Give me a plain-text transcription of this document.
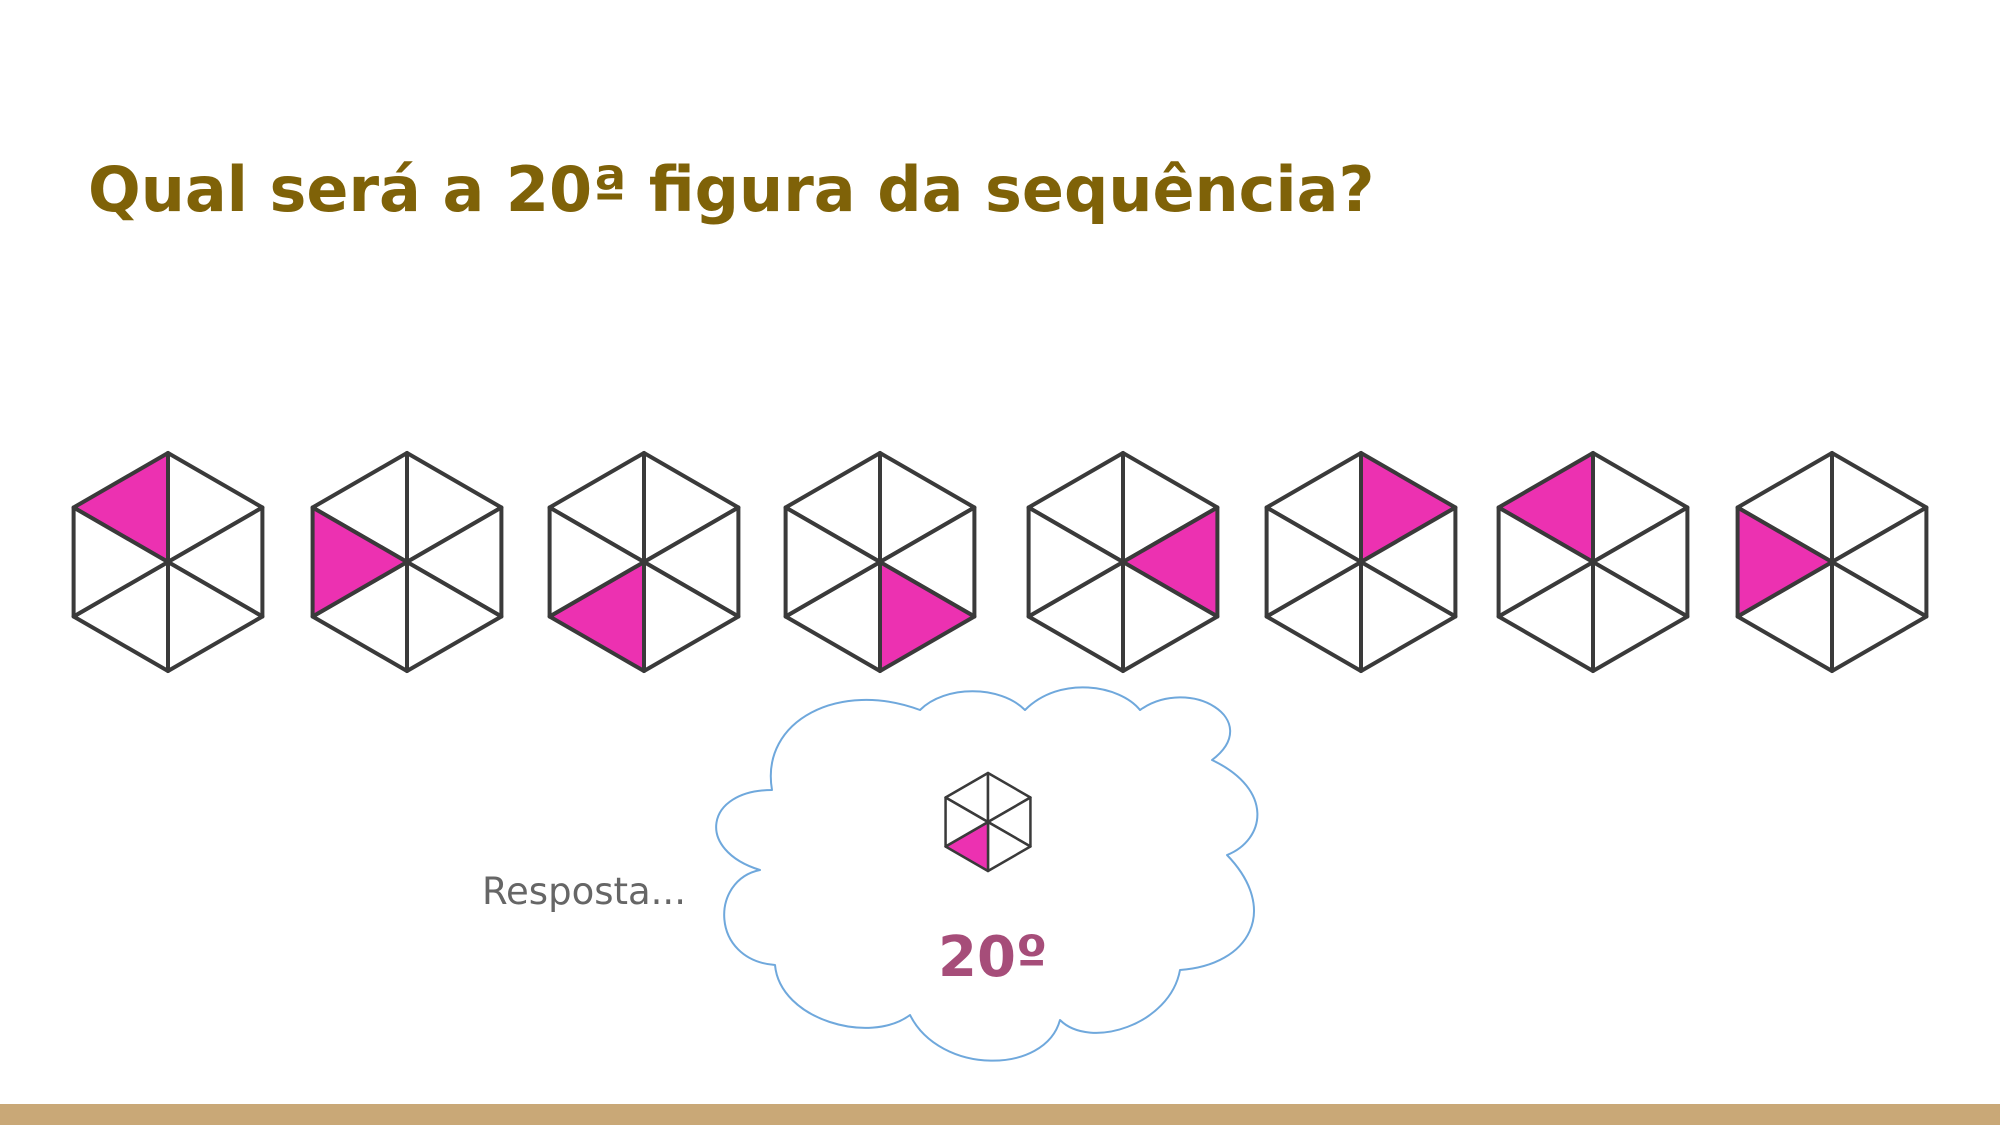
Qual será a 20ª figura da sequência?
Resposta...
20º
